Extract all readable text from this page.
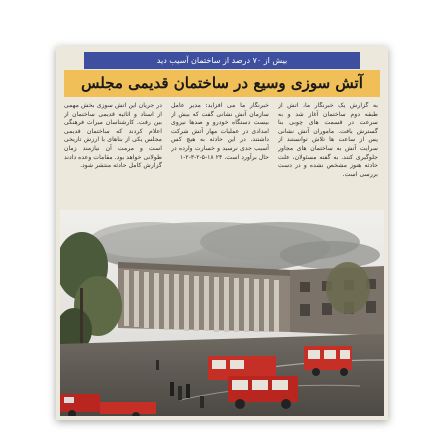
بیش از ۷۰ درصد از ساختمان آسیب دید
آتش سوزی وسیع در ساختمان قدیمی مجلس
به گزارش یک خبرنگار ما، آتش از طبقه دوم ساختمان آغاز شد و به سرعت در قسمت های چوبی بنا گسترش یافت. ماموران آتش نشانی پس از ساعت ها تلاش توانستند از سرایت آتش به ساختمان های مجاور جلوگیری کنند. به گفته مسئولان، علت حادثه هنوز مشخص نشده و در دست بررسی است.
خبرنگار ما می افزاید: مدیر عامل سازمان آتش نشانی گفت که بیش از بیست دستگاه خودرو و صدها نیروی امدادی در عملیات مهار آتش شرکت داشتند. در این حادثه به هیچ کس آسیب جدی نرسید و خسارت وارده در حال برآورد است. ۲۴ ۱۸-۵-۲-۳-۲-۱
در جریان این آتش سوزی بخش مهمی از اسناد و اثاثیه قدیمی ساختمان از بین رفت. کارشناسان میراث فرهنگی اعلام کردند که ساختمان قدیمی مجلس یکی از بناهای با ارزش تاریخی است و مرمت آن نیازمند زمان طولانی خواهد بود. مقامات وعده دادند گزارش کامل حادثه منتشر شود.
